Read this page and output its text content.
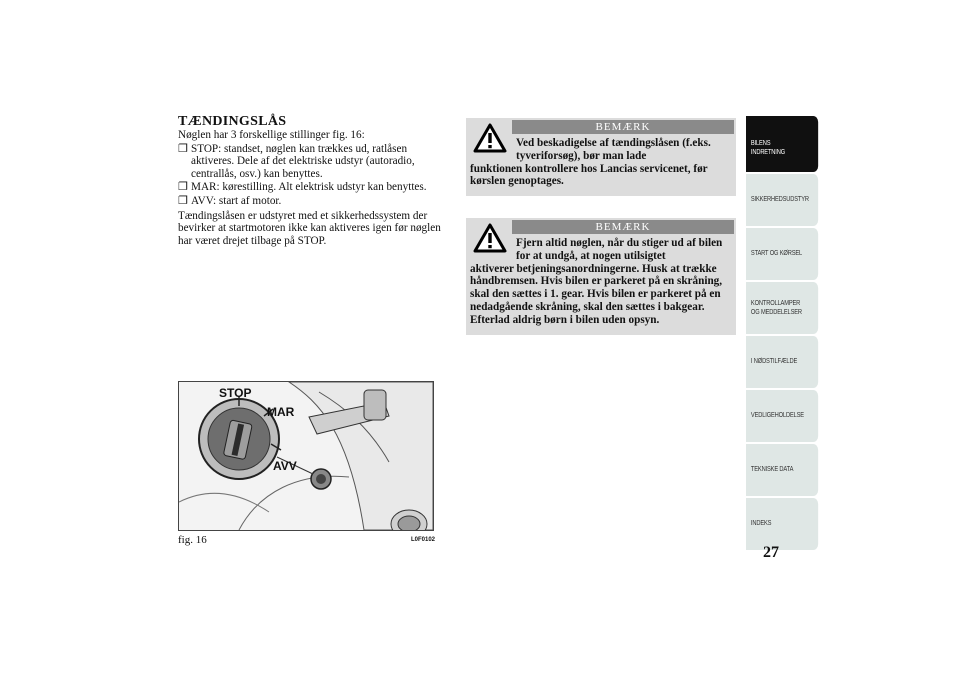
TÆNDINGSLÅS
Nøglen har 3 forskellige stillinger fig. 16:
❐ STOP: standset, nøglen kan trækkes ud, ratlåsen aktiveres. Dele af det elektriske udstyr (autoradio, centrallås, osv.) kan benyttes.
❐ MAR: kørestilling. Alt elektrisk udstyr kan benyttes.
❐ AVV: start af motor.
Tændingslåsen er udstyret med et sikkerhedssystem der bevirker at startmotoren ikke kan aktiveres igen før nøglen har været drejet tilbage på STOP.
BEMÆRK
Ved beskadigelse af tændingslåsen (f.eks. tyveriforsøg), bør man lade
funktionen kontrollere hos Lancias servicenet, før kørslen genoptages.
BEMÆRK
Fjern altid nøglen, når du stiger ud af bilen for at undgå, at nogen utilsigtet
aktiverer betjeningsanordningerne. Husk at trække håndbremsen. Hvis bilen er parkeret på en skråning, skal den sættes i 1. gear. Hvis bilen er parkeret på en nedadgående skråning, skal den sættes i bakgear. Efterlad aldrig børn i bilen uden opsyn.
STOP
MAR
AVV
fig. 16	L0F0102
BILENS
INDRETNING
SIKKERHEDSUDSTYR
START OG KØRSEL
KONTROLLAMPER
OG MEDDELELSER
I NØDSTILFÆLDE
VEDLIGEHOLDELSE
TEKNISKE DATA
INDEKS
27
